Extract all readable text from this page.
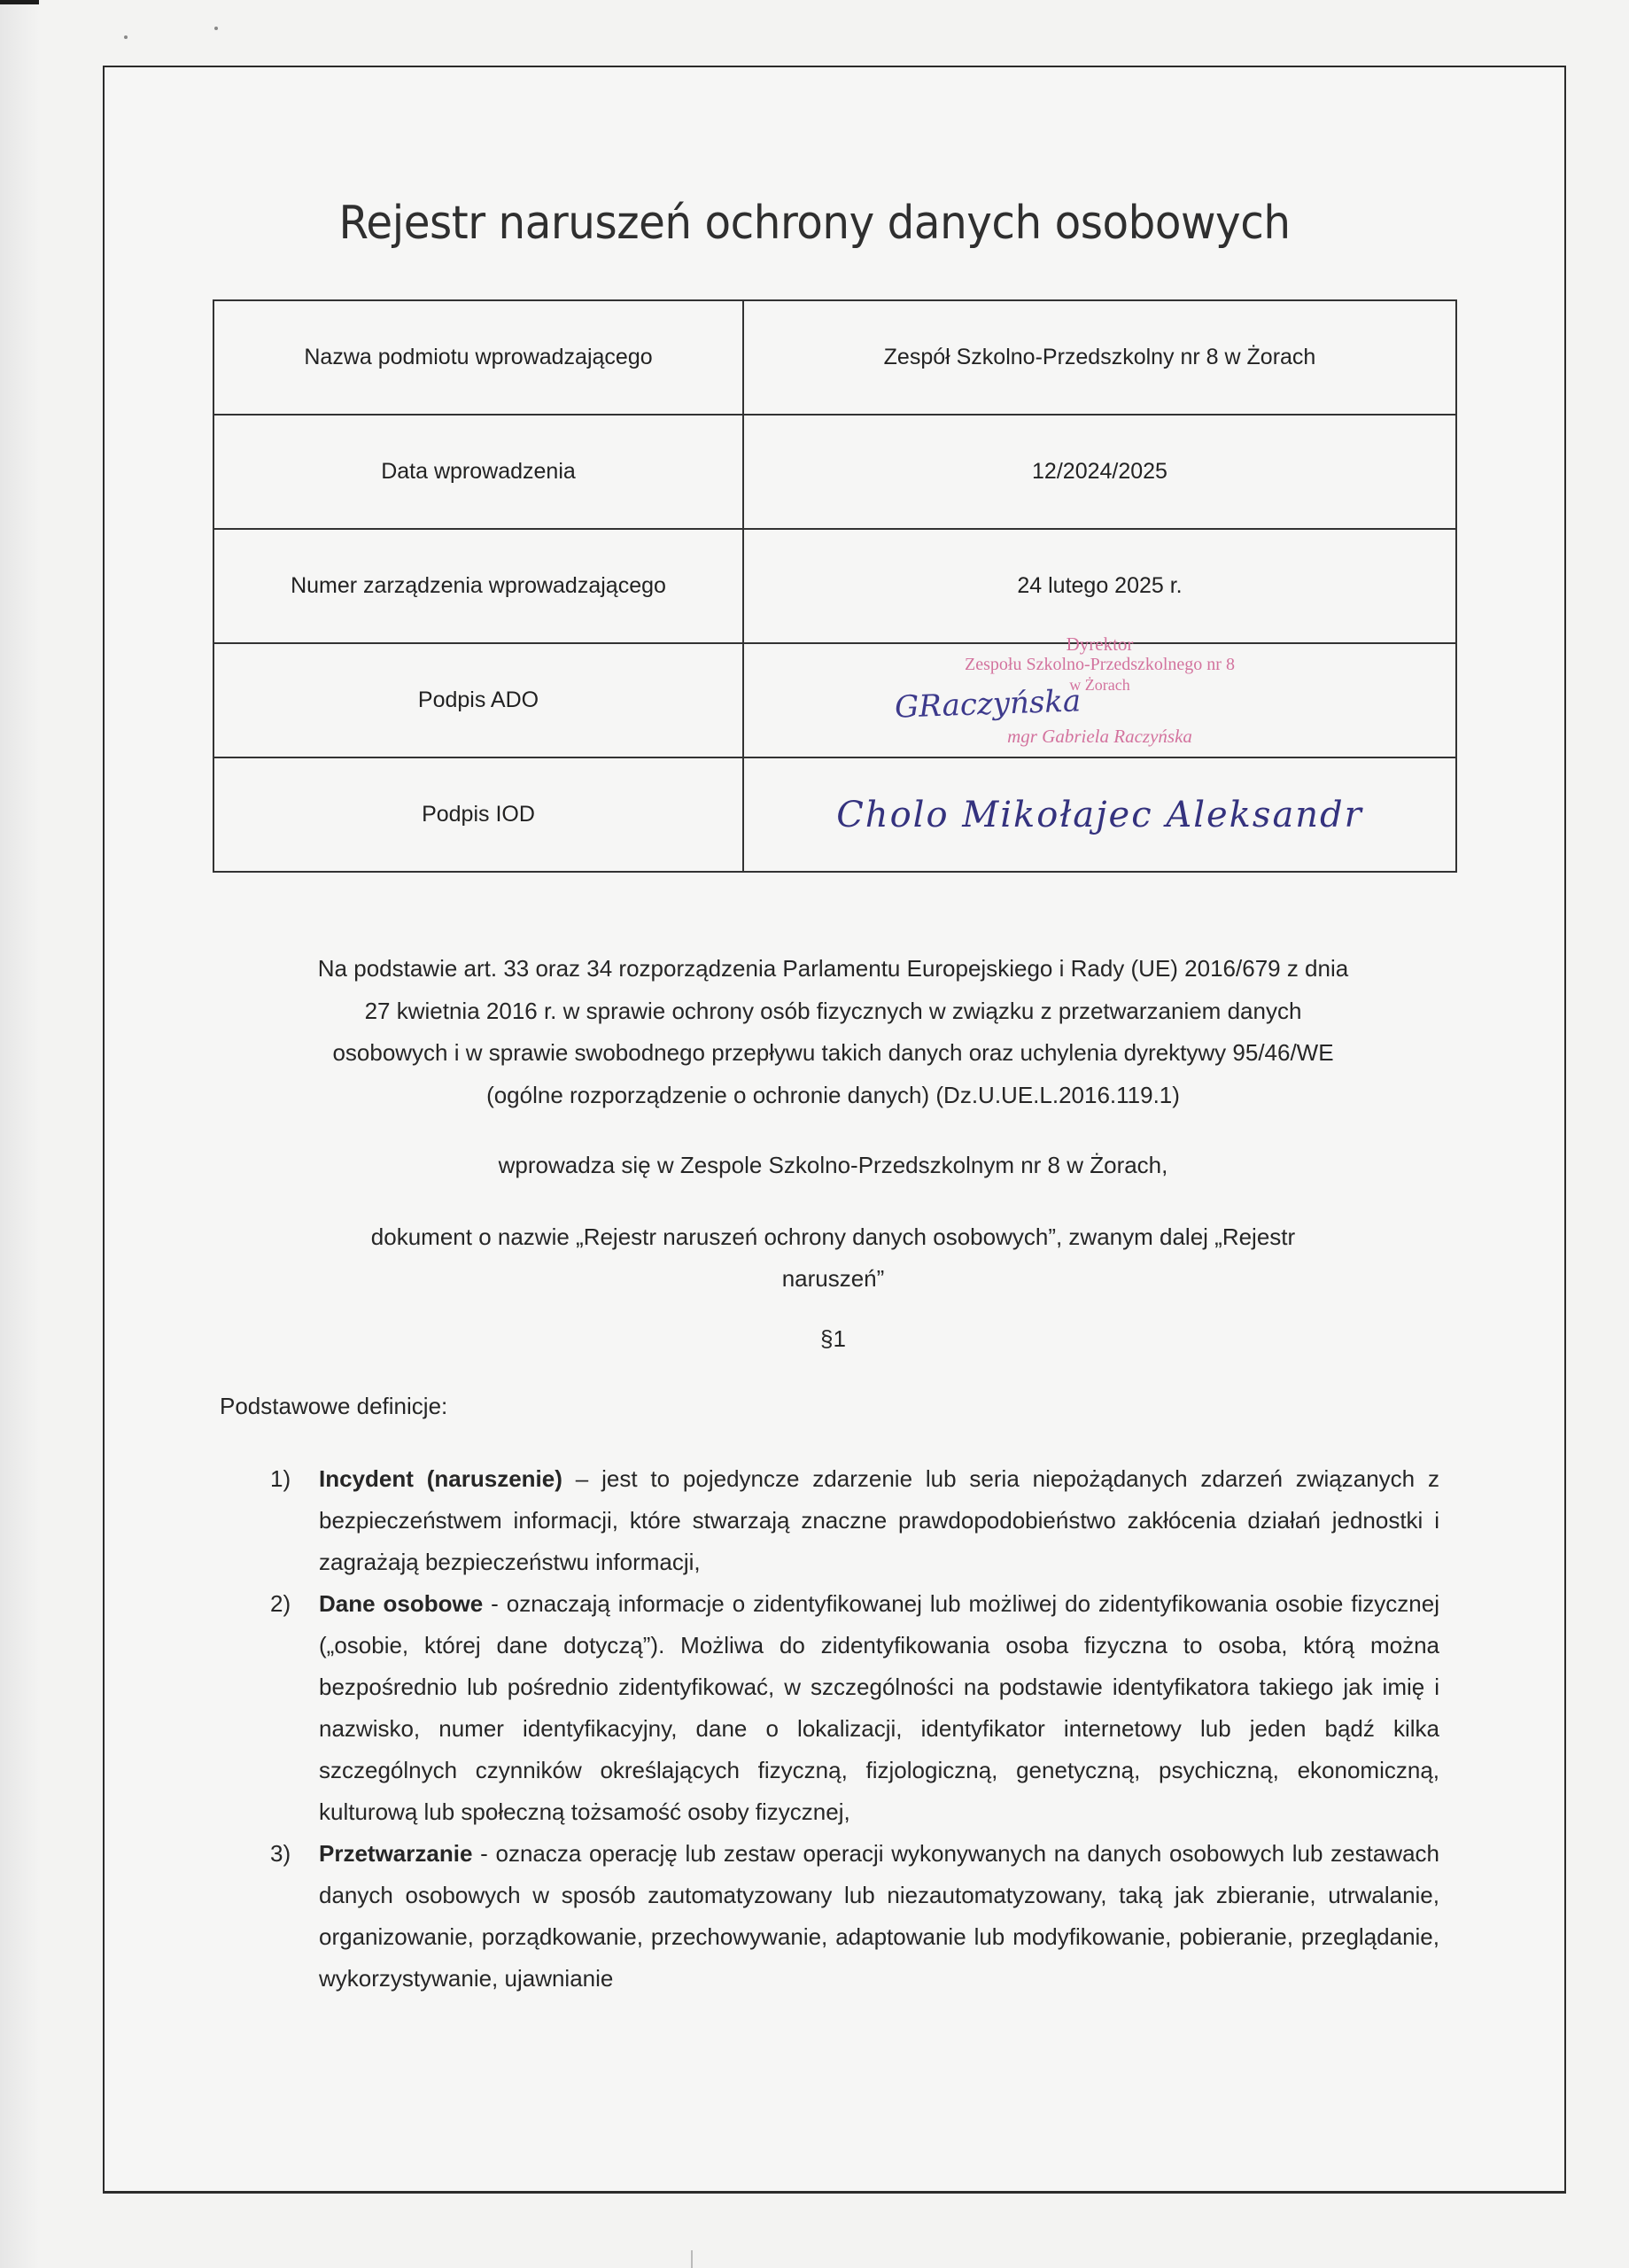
Rejestr naruszeń ochrony danych osobowych
Nazwa podmiotu wprowadzającego	Zespół Szkolno-Przedszkolny nr 8 w Żorach
Data wprowadzenia	12/2024/2025
Numer zarządzenia wprowadzającego	24 lutego 2025 r.
Podpis ADO	Dyrektor
Zespołu Szkolno-Przedszkolnego nr 8
w Żorach
GRaczyńska
mgr Gabriela Raczyńska

Podpis IOD	Cholo Mikołajec Aleksandr
Na podstawie art. 33 oraz 34 rozporządzenia Parlamentu Europejskiego i Rady (UE) 2016/679 z dnia
27 kwietnia 2016 r. w sprawie ochrony osób fizycznych w związku z przetwarzaniem danych
osobowych i w sprawie swobodnego przepływu takich danych oraz uchylenia dyrektywy 95/46/WE
(ogólne rozporządzenie o ochronie danych) (Dz.U.UE.L.2016.119.1)
wprowadza się w Zespole Szkolno-Przedszkolnym nr 8 w Żorach,
dokument o nazwie „Rejestr naruszeń ochrony danych osobowych”, zwanym dalej „Rejestr
naruszeń”
§1
Podstawowe definicje:
1) Incydent (naruszenie) – jest to pojedyncze zdarzenie lub seria niepożądanych zdarzeń związanych z bezpieczeństwem informacji, które stwarzają znaczne prawdopodobieństwo zakłócenia działań jednostki i zagrażają bezpieczeństwu informacji,
2) Dane osobowe - oznaczają informacje o zidentyfikowanej lub możliwej do zidentyfikowania osobie fizycznej („osobie, której dane dotyczą”). Możliwa do zidentyfikowania osoba fizyczna to osoba, którą można bezpośrednio lub pośrednio zidentyfikować, w szczególności na podstawie identyfikatora takiego jak imię i nazwisko, numer identyfikacyjny, dane o lokalizacji, identyfikator internetowy lub jeden bądź kilka szczególnych czynników określających fizyczną, fizjologiczną, genetyczną, psychiczną, ekonomiczną, kulturową lub społeczną tożsamość osoby fizycznej,
3) Przetwarzanie - oznacza operację lub zestaw operacji wykonywanych na danych osobowych lub zestawach danych osobowych w sposób zautomatyzowany lub niezautomatyzowany, taką jak zbieranie, utrwalanie, organizowanie, porządkowanie, przechowywanie, adaptowanie lub modyfikowanie, pobieranie, przeglądanie, wykorzystywanie, ujawnianie
